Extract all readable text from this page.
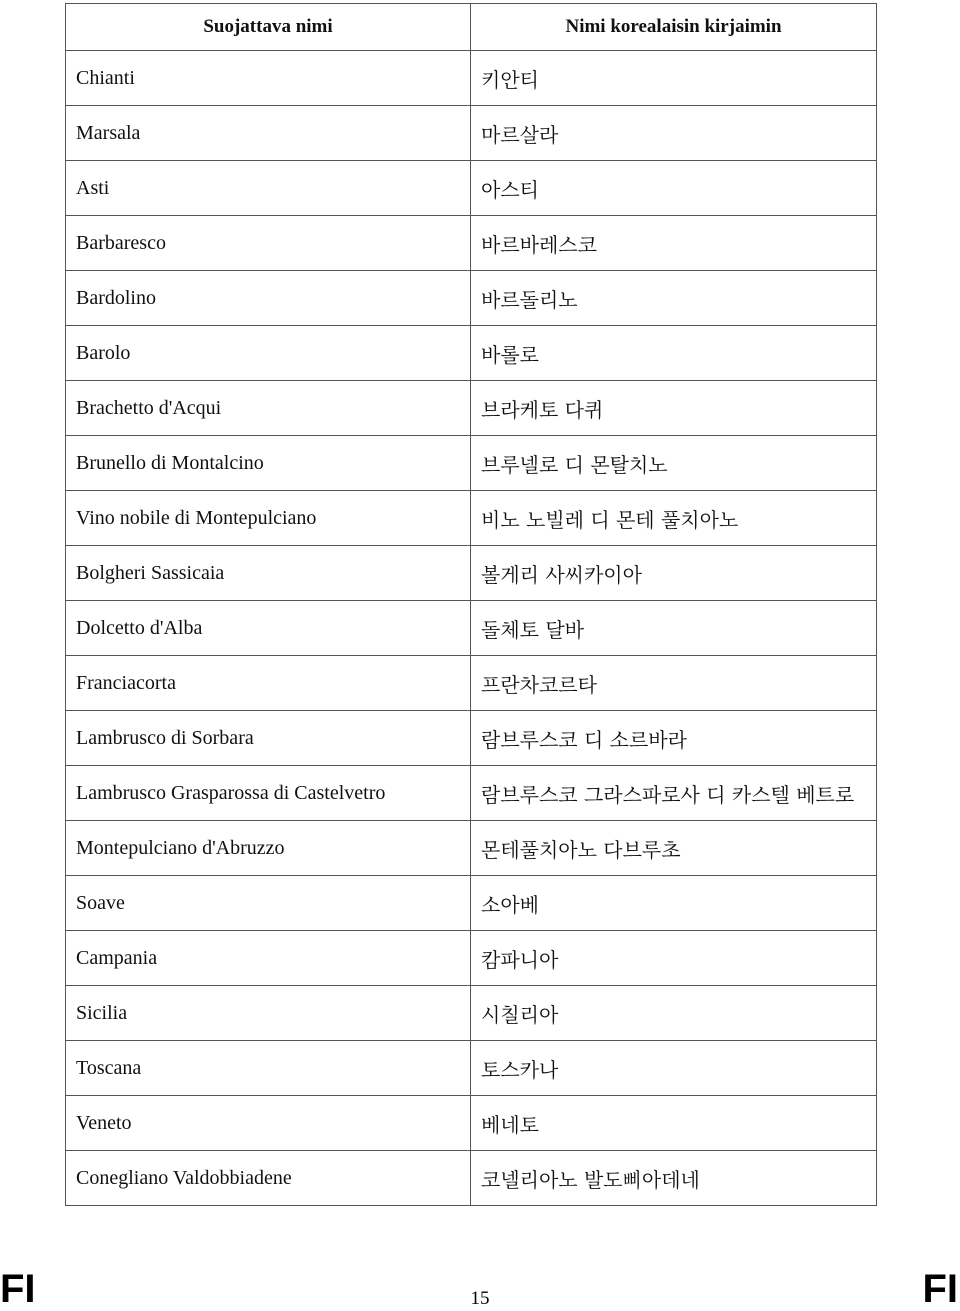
Suojattava nimi	Nimi korealaisin kirjaimin
Chianti	키안티
Marsala	마르살라
Asti	아스티
Barbaresco	바르바레스코
Bardolino	바르돌리노
Barolo	바롤로
Brachetto d'Acqui	브라케토 다퀴
Brunello di Montalcino	브루넬로 디 몬탈치노
Vino nobile di Montepulciano	비노 노빌레 디 몬테 풀치아노
Bolgheri Sassicaia	볼게리 사씨카이아
Dolcetto d'Alba	돌체토 달바
Franciacorta	프란차코르타
Lambrusco di Sorbara	람브루스코 디 소르바라
Lambrusco Grasparossa di Castelvetro	람브루스코 그라스파로사 디 카스텔 베트로
Montepulciano d'Abruzzo	몬테풀치아노 다브루초
Soave	소아베
Campania	캄파니아
Sicilia	시칠리아
Toscana	토스카나
Veneto	베네토
Conegliano Valdobbiadene	코넬리아노 발도삐아데네
FI	15	FI
